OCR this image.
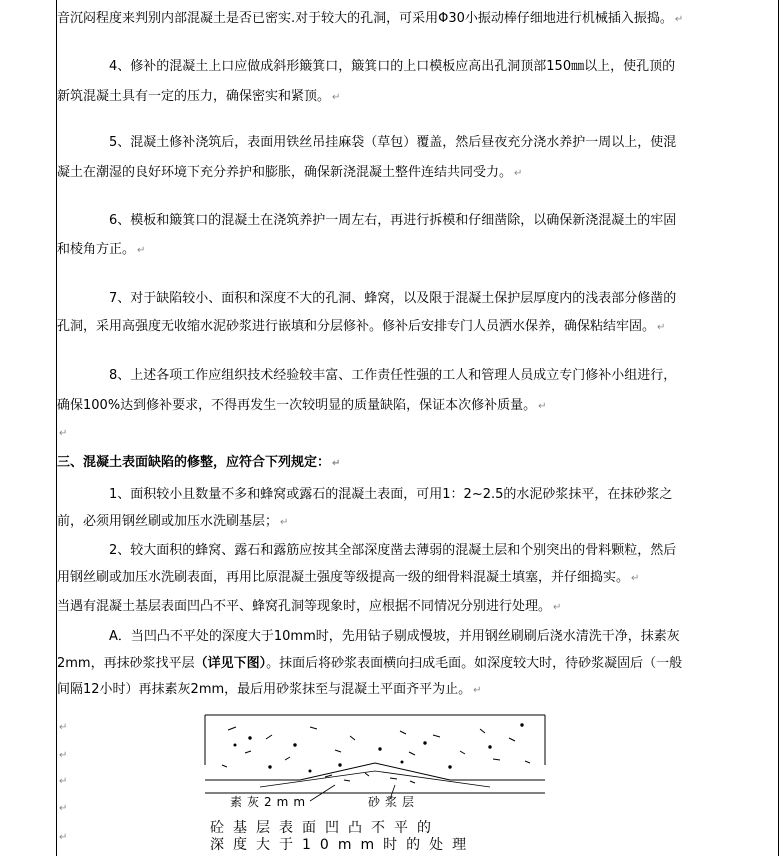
音沉闷程度来判别内部混凝土是否已密实.对于较大的孔洞，可采用Φ30小振动棒仔细地进行机械插入振捣。 ↵
4、修补的混凝土上口应做成斜形簸箕口，簸箕口的上口模板应高出孔洞顶部150㎜以上，使孔顶的
新筑混凝土具有一定的压力，确保密实和紧顶。 ↵
5、混凝土修补浇筑后，表面用铁丝吊挂麻袋（草包）覆盖，然后昼夜充分浇水养护一周以上，使混
凝土在潮湿的良好环境下充分养护和膨胀，确保新浇混凝土整件连结共同受力。 ↵
6、模板和簸箕口的混凝土在浇筑养护一周左右，再进行拆模和仔细凿除，以确保新浇混凝土的牢固
和棱角方正。 ↵
7、对于缺陷较小、面积和深度不大的孔洞、蜂窝，以及限于混凝土保护层厚度内的浅表部分修凿的
孔洞，采用高强度无收缩水泥砂浆进行嵌填和分层修补。修补后安排专门人员洒水保养，确保粘结牢固。 ↵
8、上述各项工作应组织技术经验较丰富、工作责任性强的工人和管理人员成立专门修补小组进行，
确保100%达到修补要求，不得再发生一次较明显的质量缺陷，保证本次修补质量。 ↵
↵
三、混凝土表面缺陷的修整，应符合下列规定： ↵
1、面积较小且数量不多和蜂窝或露石的混凝土表面，可用1：2~2.5的水泥砂浆抹平，在抹砂浆之
前，必须用钢丝刷或加压水洗刷基层； ↵
2、较大面积的蜂窝、露石和露筋应按其全部深度凿去薄弱的混凝土层和个别突出的骨料颗粒，然后
用钢丝刷或加压水洗刷表面，再用比原混凝土强度等级提高一级的细骨料混凝土填塞，并仔细捣实。 ↵
当遇有混凝土基层表面凹凸不平、蜂窝孔洞等现象时，应根据不同情况分别进行处理。 ↵
A．当凹凸不平处的深度大于10mm时，先用钻子剔成慢坡，并用钢丝刷刷后浇水清洗干净，抹素灰
2mm，再抹砂浆找平层（详见下图）。抹面后将砂浆表面横向扫成毛面。如深度较大时，待砂浆凝固后（一般
间隔12小时）再抹素灰2mm，最后用砂浆抹至与混凝土平面齐平为止。 ↵
↵
↵
↵
↵
↵
素灰2mm	砂浆层
砼基层表面凹凸不平的
深度大于10mm时的处理
